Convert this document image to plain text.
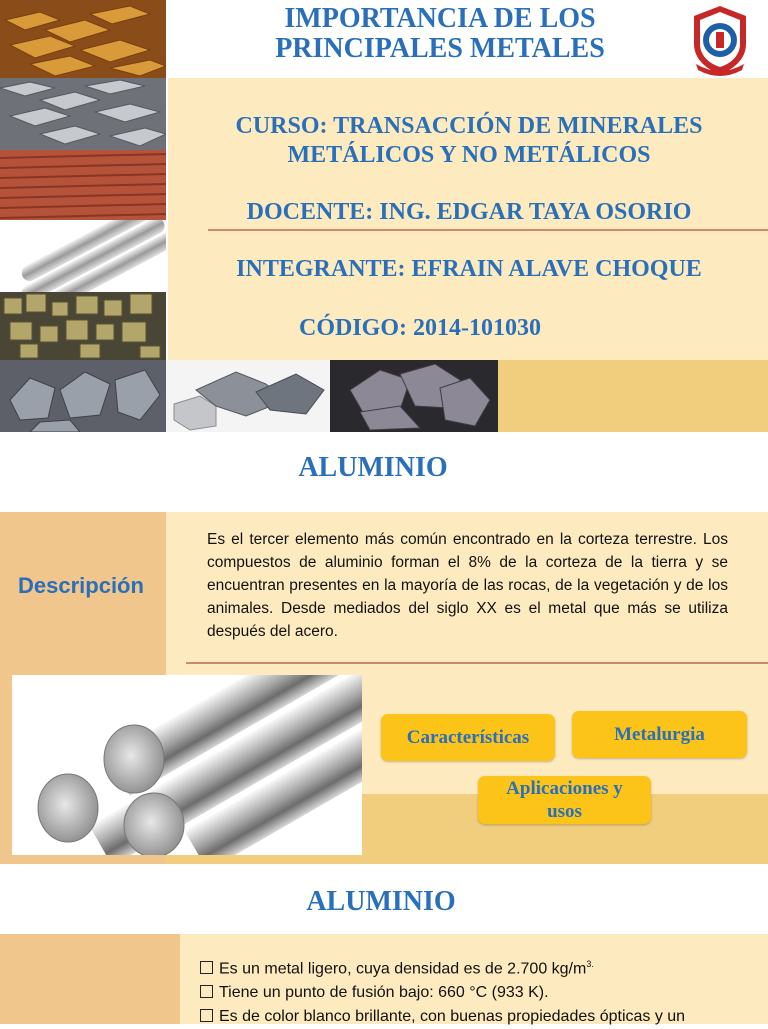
IMPORTANCIA DE LOS
PRINCIPALES METALES
CURSO: TRANSACCIÓN DE MINERALES
METÁLICOS Y NO METÁLICOS
DOCENTE: ING. EDGAR TAYA OSORIO
INTEGRANTE: EFRAIN ALAVE CHOQUE
CÓDIGO: 2014-101030
ALUMINIO
Descripción
Es el tercer elemento más común encontrado en la corteza terrestre. Los compuestos de aluminio forman el 8% de la corteza de la tierra y se encuentran presentes en la mayoría de las rocas, de la vegetación y de los animales. Desde mediados del siglo XX es el metal que más se utiliza después del acero.
Características	Metalurgia
Aplicaciones y
usos
ALUMINIO
Es un metal ligero, cuya densidad es de 2.700 $kg/m^{3.}$
Tiene un punto de fusión bajo: 660 °C (933 K).
Es de color blanco brillante, con buenas propiedades ópticas y un
